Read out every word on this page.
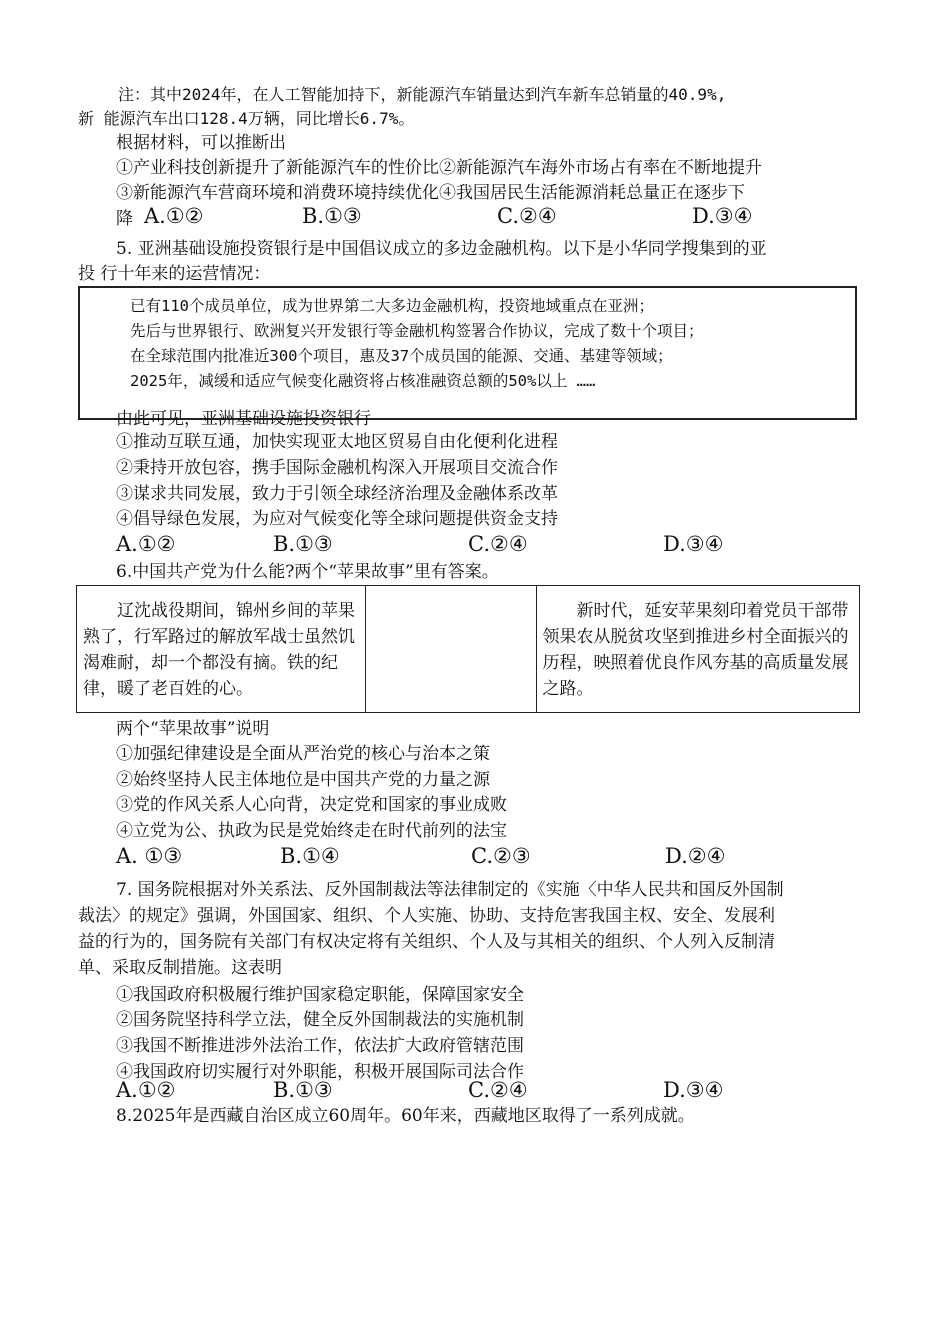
注：其中2024年，在人工智能加持下，新能源汽车销量达到汽车新车总销量的40.9%,
新 能源汽车出口128.4万辆，同比增长6.7%。
根据材料，可以推断出
①产业科技创新提升了新能源汽车的性价比②新能源汽车海外市场占有率在不断地提升
③新能源汽车营商环境和消费环境持续优化④我国居民生活能源消耗总量正在逐步下
降 A.①②	B.①③	C.②④	D.③④
5. 亚洲基础设施投资银行是中国倡议成立的多边金融机构。以下是小华同学搜集到的亚
投 行十年来的运营情况：
已有110个成员单位，成为世界第二大多边金融机构，投资地域重点在亚洲；
先后与世界银行、欧洲复兴开发银行等金融机构签署合作协议，完成了数十个项目；
在全球范围内批准近300个项目，惠及37个成员国的能源、交通、基建等领域；
2025年，减缓和适应气候变化融资将占核准融资总额的50%以上 ……
由此可见，亚洲基础设施投资银行
①推动互联互通，加快实现亚太地区贸易自由化便利化进程
②秉持开放包容，携手国际金融机构深入开展项目交流合作
③谋求共同发展，致力于引领全球经济治理及金融体系改革
④倡导绿色发展，为应对气候变化等全球问题提供资金支持
A.①②	B.①③	C.②④	D.③④
6.中国共产党为什么能?两个“苹果故事”里有答案。
辽沈战役期间，锦州乡间的苹果熟了，行军路过的解放军战士虽然饥渴难耐，却一个都没有摘。铁的纪律，暖了老百姓的心。

新时代，延安苹果刻印着党员干部带领果农从脱贫攻坚到推进乡村全面振兴的历程，映照着优良作风夯基的高质量发展之路。
两个“苹果故事”说明
①加强纪律建设是全面从严治党的核心与治本之策
②始终坚持人民主体地位是中国共产党的力量之源
③党的作风关系人心向背，决定党和国家的事业成败
④立党为公、执政为民是党始终走在时代前列的法宝
A. ①③	B.①④	C.②③	D.②④
7. 国务院根据对外关系法、反外国制裁法等法律制定的《实施〈中华人民共和国反外国制
裁法〉的规定》强调，外国国家、组织、个人实施、协助、支持危害我国主权、安全、发展利
益的行为的，国务院有关部门有权决定将有关组织、个人及与其相关的组织、个人列入反制清
单、采取反制措施。这表明
①我国政府积极履行维护国家稳定职能，保障国家安全
②国务院坚持科学立法，健全反外国制裁法的实施机制
③我国不断推进涉外法治工作，依法扩大政府管辖范围
④我国政府切实履行对外职能，积极开展国际司法合作
A.①②	B.①③	C.②④	D.③④
8.2025年是西藏自治区成立60周年。60年来，西藏地区取得了一系列成就。
